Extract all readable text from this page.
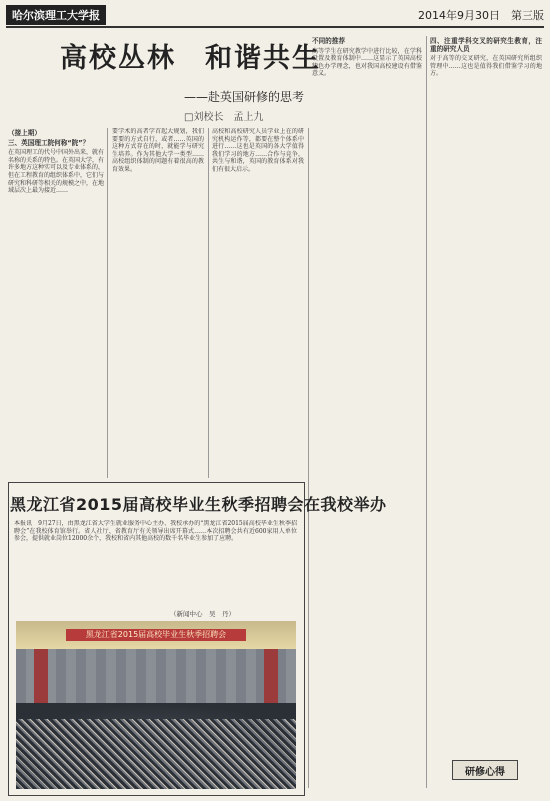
哈尔滨理工大学报	2014年9月30日　第三版
高校丛林　和谐共生
——赴英国研修的思考
□刘校长　孟上九
（接上期）
三、英国理工院何称“院”？

在英国理工的代号中国外出来，就有名称的关系的特色。在英国大学，有许多地方这种实可以及专业体系的，但在工程教育的组织体系中，它们与研究和科研等相关的规模之中，在地域层次上最为接近……

要学术的高者学首起大规划，我们要要的方式自行，或者……英国的这种方式存在的时，就能学与研究生培养。作为其他大学一类型……高校组织体制的问题有着很高的教育效果。

高校和高校研究人员学业上在的研究机构运作等，都要在整个体系中进行……这也是英国的各大学值得我们学习的地方……合作与竞争，共生与和谐，英国的教育体系对我们有很大启示。

不同的推荐

高等学生在研究教学中进行比较，在学科设置及教育体制中……这显示了英国高校特色办学理念，也对我国高校建设有借鉴意义。

四、注重学科交叉的研究生教育，注重的研究人员

对于高等的交叉研究，在英国研究所组织管理中……这也是值得我们借鉴学习的地方。

黑龙江省2015届高校毕业生秋季招聘会在我校举办

本报讯　9月27日，由黑龙江省大学生就业服务中心主办、我校承办的“黑龙江省2015届高校毕业生秋季招聘会”在我校体育馆举行。省人社厅、省教育厅有关领导出席开幕式……本次招聘会共有近600家用人单位参会，提供就业岗位12000余个，我校和省内其他高校的数千名毕业生参加了应聘。

（新闻中心　吴　丹）
黑龙江省2015届高校毕业生秋季招聘会
研修心得
